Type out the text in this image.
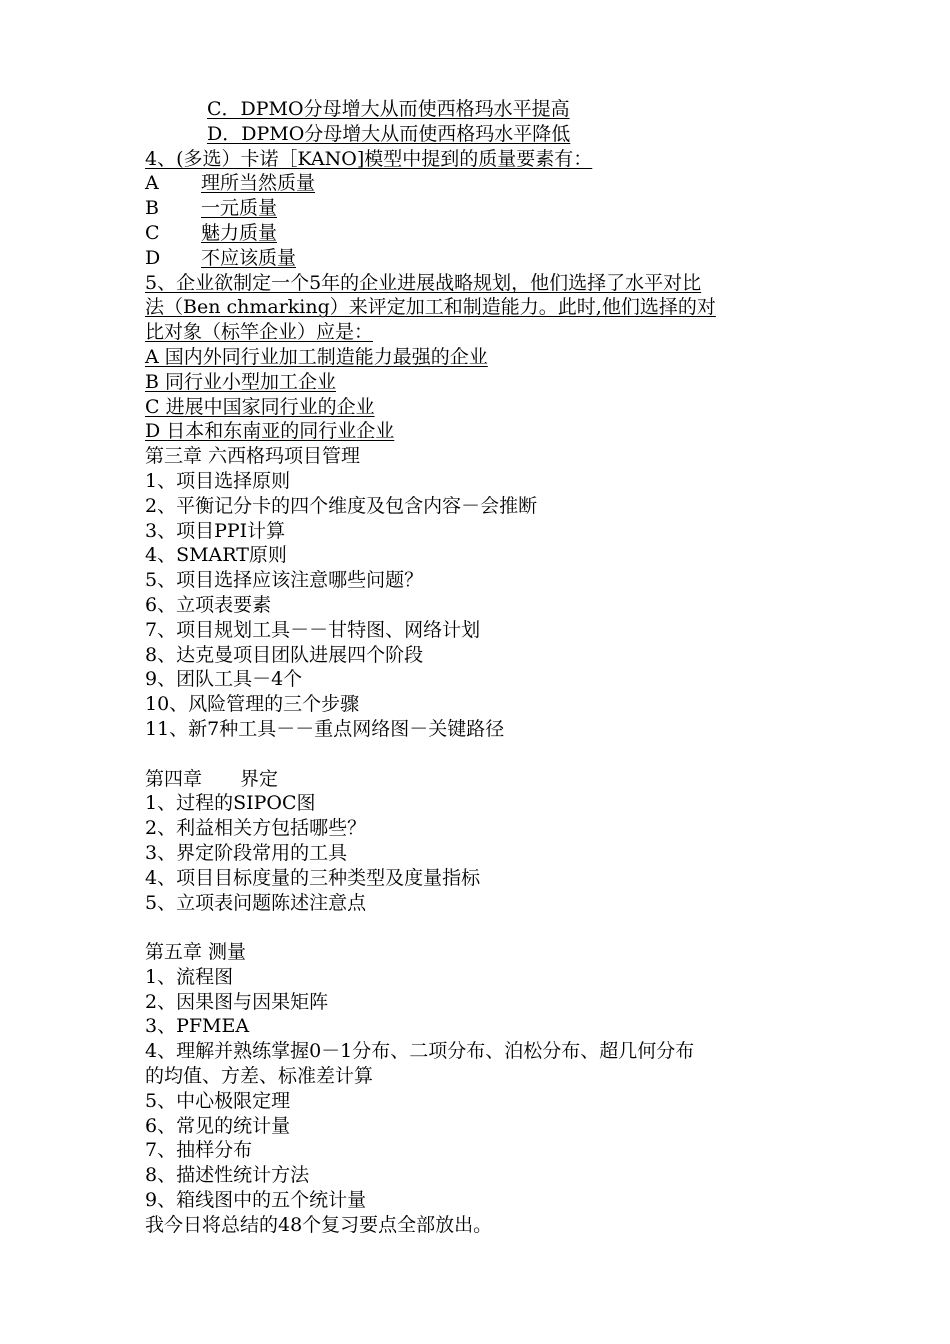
C．DPMO分母增大从而使西格玛水平提高
D．DPMO分母增大从而使西格玛水平降低
4、(多选）卡诺［KANO]模型中提到的质量要素有：
A 理所当然质量
B 一元质量
C 魅力质量
D 不应该质量
5、企业欲制定一个5年的企业进展战略规划，他们选择了水平对比
法（Ben chmarking）来评定加工和制造能力。此时,他们选择的对
比对象（标竿企业）应是：
A 国内外同行业加工制造能力最强的企业
B 同行业小型加工企业
C 进展中国家同行业的企业
D 日本和东南亚的同行业企业
第三章 六西格玛项目管理
1、项目选择原则
2、平衡记分卡的四个维度及包含内容－会推断
3、项目PPI计算
4、SMART原则
5、项目选择应该注意哪些问题？
6、立项表要素
7、项目规划工具－－甘特图、网络计划
8、达克曼项目团队进展四个阶段
9、团队工具－4个
10、风险管理的三个步骤
11、新7种工具－－重点网络图－关键路径
第四章　　界定
1、过程的SIPOC图
2、利益相关方包括哪些？
3、界定阶段常用的工具
4、项目目标度量的三种类型及度量指标
5、立项表问题陈述注意点
第五章 测量
1、流程图
2、因果图与因果矩阵
3、PFMEA
4、理解并熟练掌握0－1分布、二项分布、泊松分布、超几何分布
的均值、方差、标准差计算
5、中心极限定理
6、常见的统计量
7、抽样分布
8、描述性统计方法
9、箱线图中的五个统计量
我今日将总结的48个复习要点全部放出。
